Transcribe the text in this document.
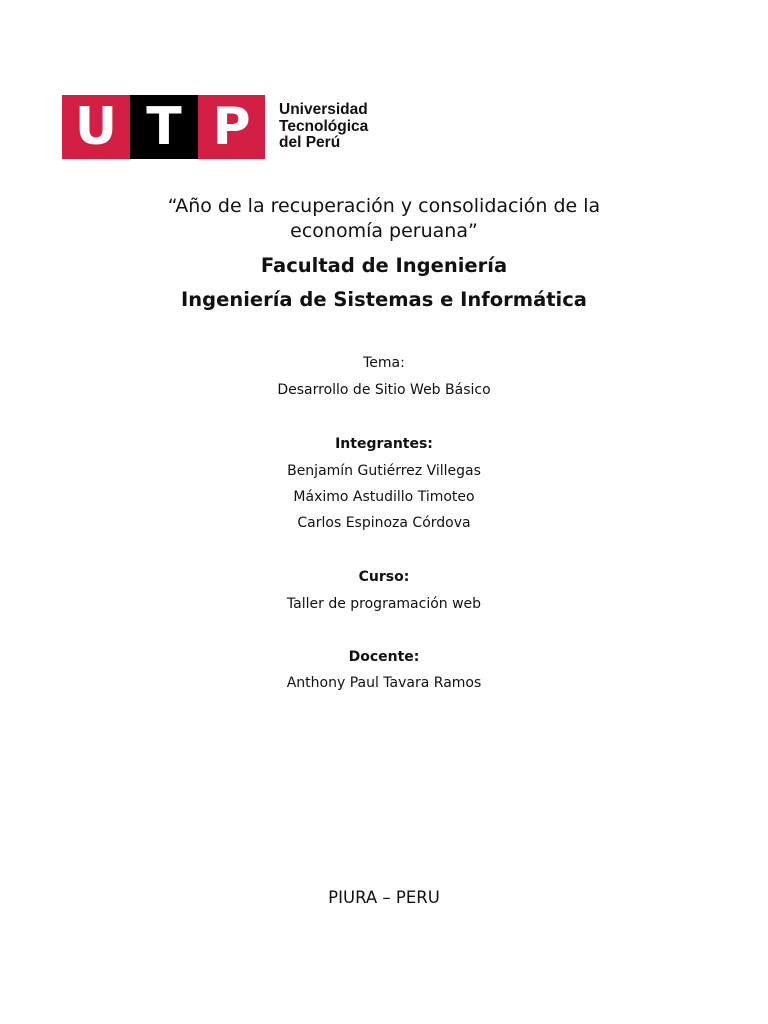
U T P Universidad
Tecnológica
del Perú
“Año de la recuperación y consolidación de la economía peruana”
Facultad de Ingeniería
Ingeniería de Sistemas e Informática
Tema:
Desarrollo de Sitio Web Básico
Integrantes:
Benjamín Gutiérrez Villegas
Máximo Astudillo Timoteo
Carlos Espinoza Córdova
Curso:
Taller de programación web
Docente:
Anthony Paul Tavara Ramos
PIURA – PERU
